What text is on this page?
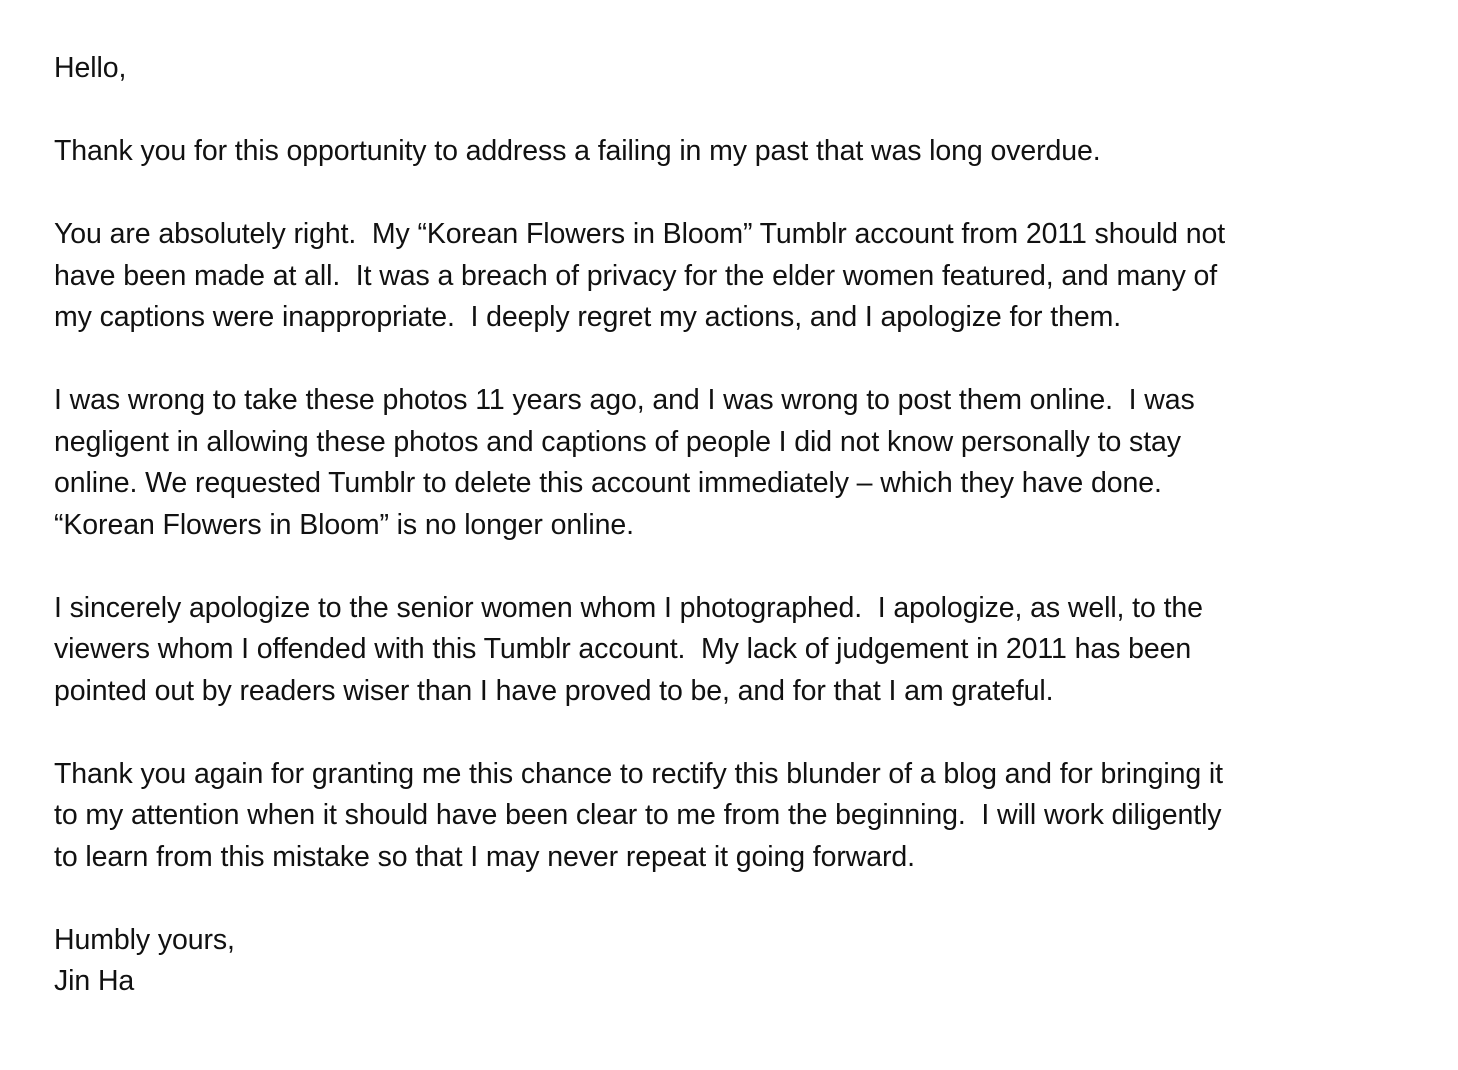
Hello,
Thank you for this opportunity to address a failing in my past that was long overdue.
You are absolutely right.  My “Korean Flowers in Bloom” Tumblr account from 2011 should not
have been made at all.  It was a breach of privacy for the elder women featured, and many of
my captions were inappropriate.  I deeply regret my actions, and I apologize for them.
I was wrong to take these photos 11 years ago, and I was wrong to post them online.  I was
negligent in allowing these photos and captions of people I did not know personally to stay
online. We requested Tumblr to delete this account immediately – which they have done.
“Korean Flowers in Bloom” is no longer online.
I sincerely apologize to the senior women whom I photographed.  I apologize, as well, to the
viewers whom I offended with this Tumblr account.  My lack of judgement in 2011 has been
pointed out by readers wiser than I have proved to be, and for that I am grateful.
Thank you again for granting me this chance to rectify this blunder of a blog and for bringing it
to my attention when it should have been clear to me from the beginning.  I will work diligently
to learn from this mistake so that I may never repeat it going forward.
Humbly yours,
Jin Ha
